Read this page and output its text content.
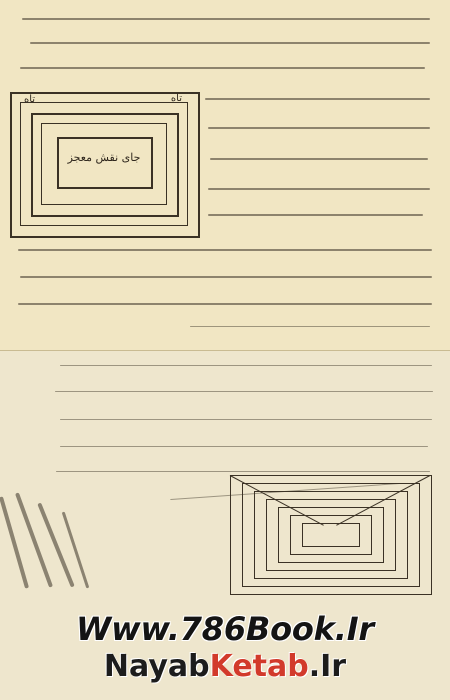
تاه	تاه
جای نقش معجز
Www.786Book.Ir
NayabKetab.Ir
